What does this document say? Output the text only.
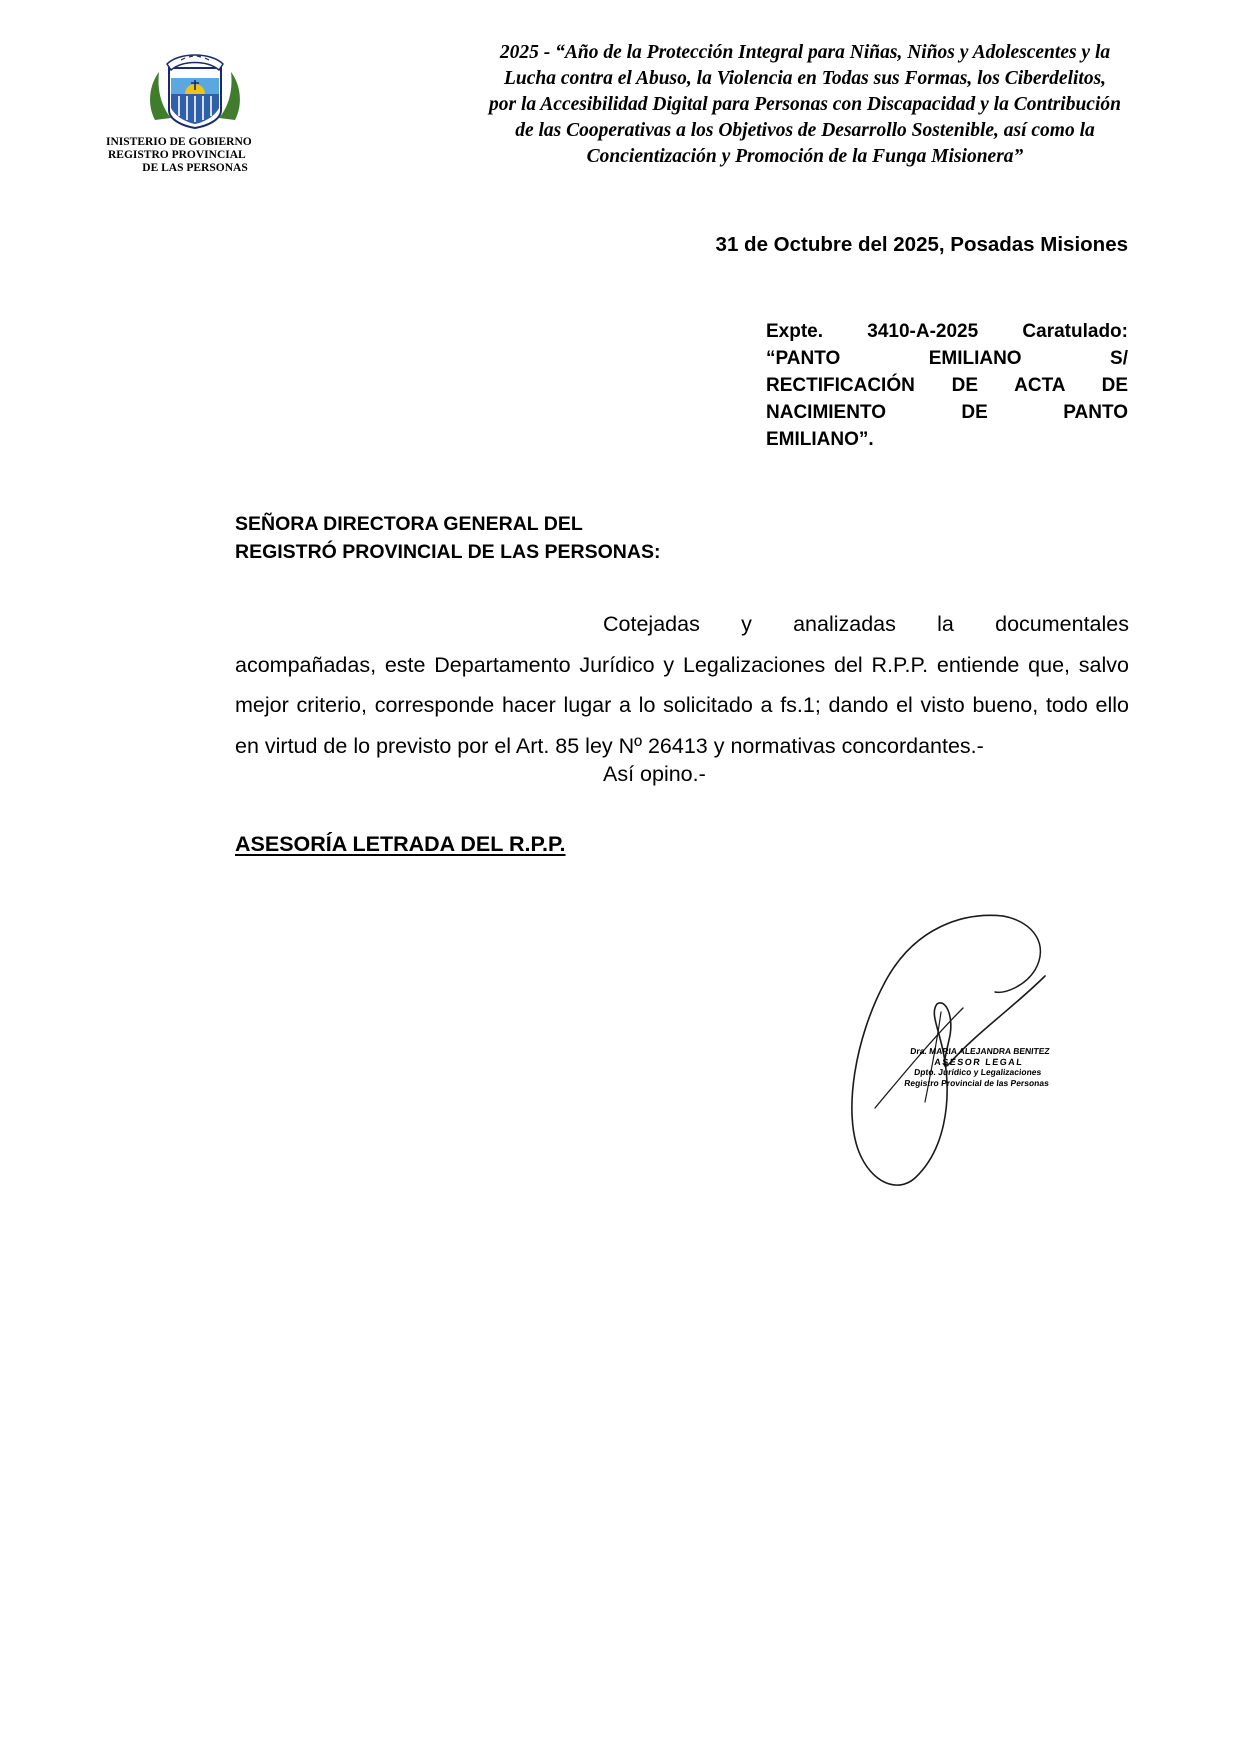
INISTERIO DE GOBIERNO
REGISTRO PROVINCIAL
DE LAS PERSONAS
2025 - “Año de la Protección Integral para Niñas, Niños y Adolescentes y la
Lucha contra el Abuso, la Violencia en Todas sus Formas, los Ciberdelitos,
por la Accesibilidad Digital para Personas con Discapacidad y la Contribución
de las Cooperativas a los Objetivos de Desarrollo Sostenible, así como la
Concientización y Promoción de la Funga Misionera”
31 de Octubre del 2025, Posadas Misiones
Expte. 3410-A-2025 Caratulado:
“PANTO EMILIANO S/
RECTIFICACIÓN DE ACTA DE
NACIMIENTO DE PANTO
EMILIANO”.
SEÑORA DIRECTORA GENERAL DEL
REGISTRÓ PROVINCIAL DE LAS PERSONAS:
Cotejadas y analizadas la documentales acompañadas, este Departamento Jurídico y Legalizaciones del R.P.P. entiende que, salvo mejor criterio, corresponde hacer lugar a lo solicitado a fs.1; dando el visto bueno, todo ello en virtud de lo previsto por el Art. 85 ley Nº 26413 y normativas concordantes.-
Así opino.-
ASESORÍA LETRADA DEL R.P.P.
Dra. MARIA ALEJANDRA BENITEZ
ASESOR LEGAL
Dpto. Jurídico y Legalizaciones
Registro Provincial de las Personas
